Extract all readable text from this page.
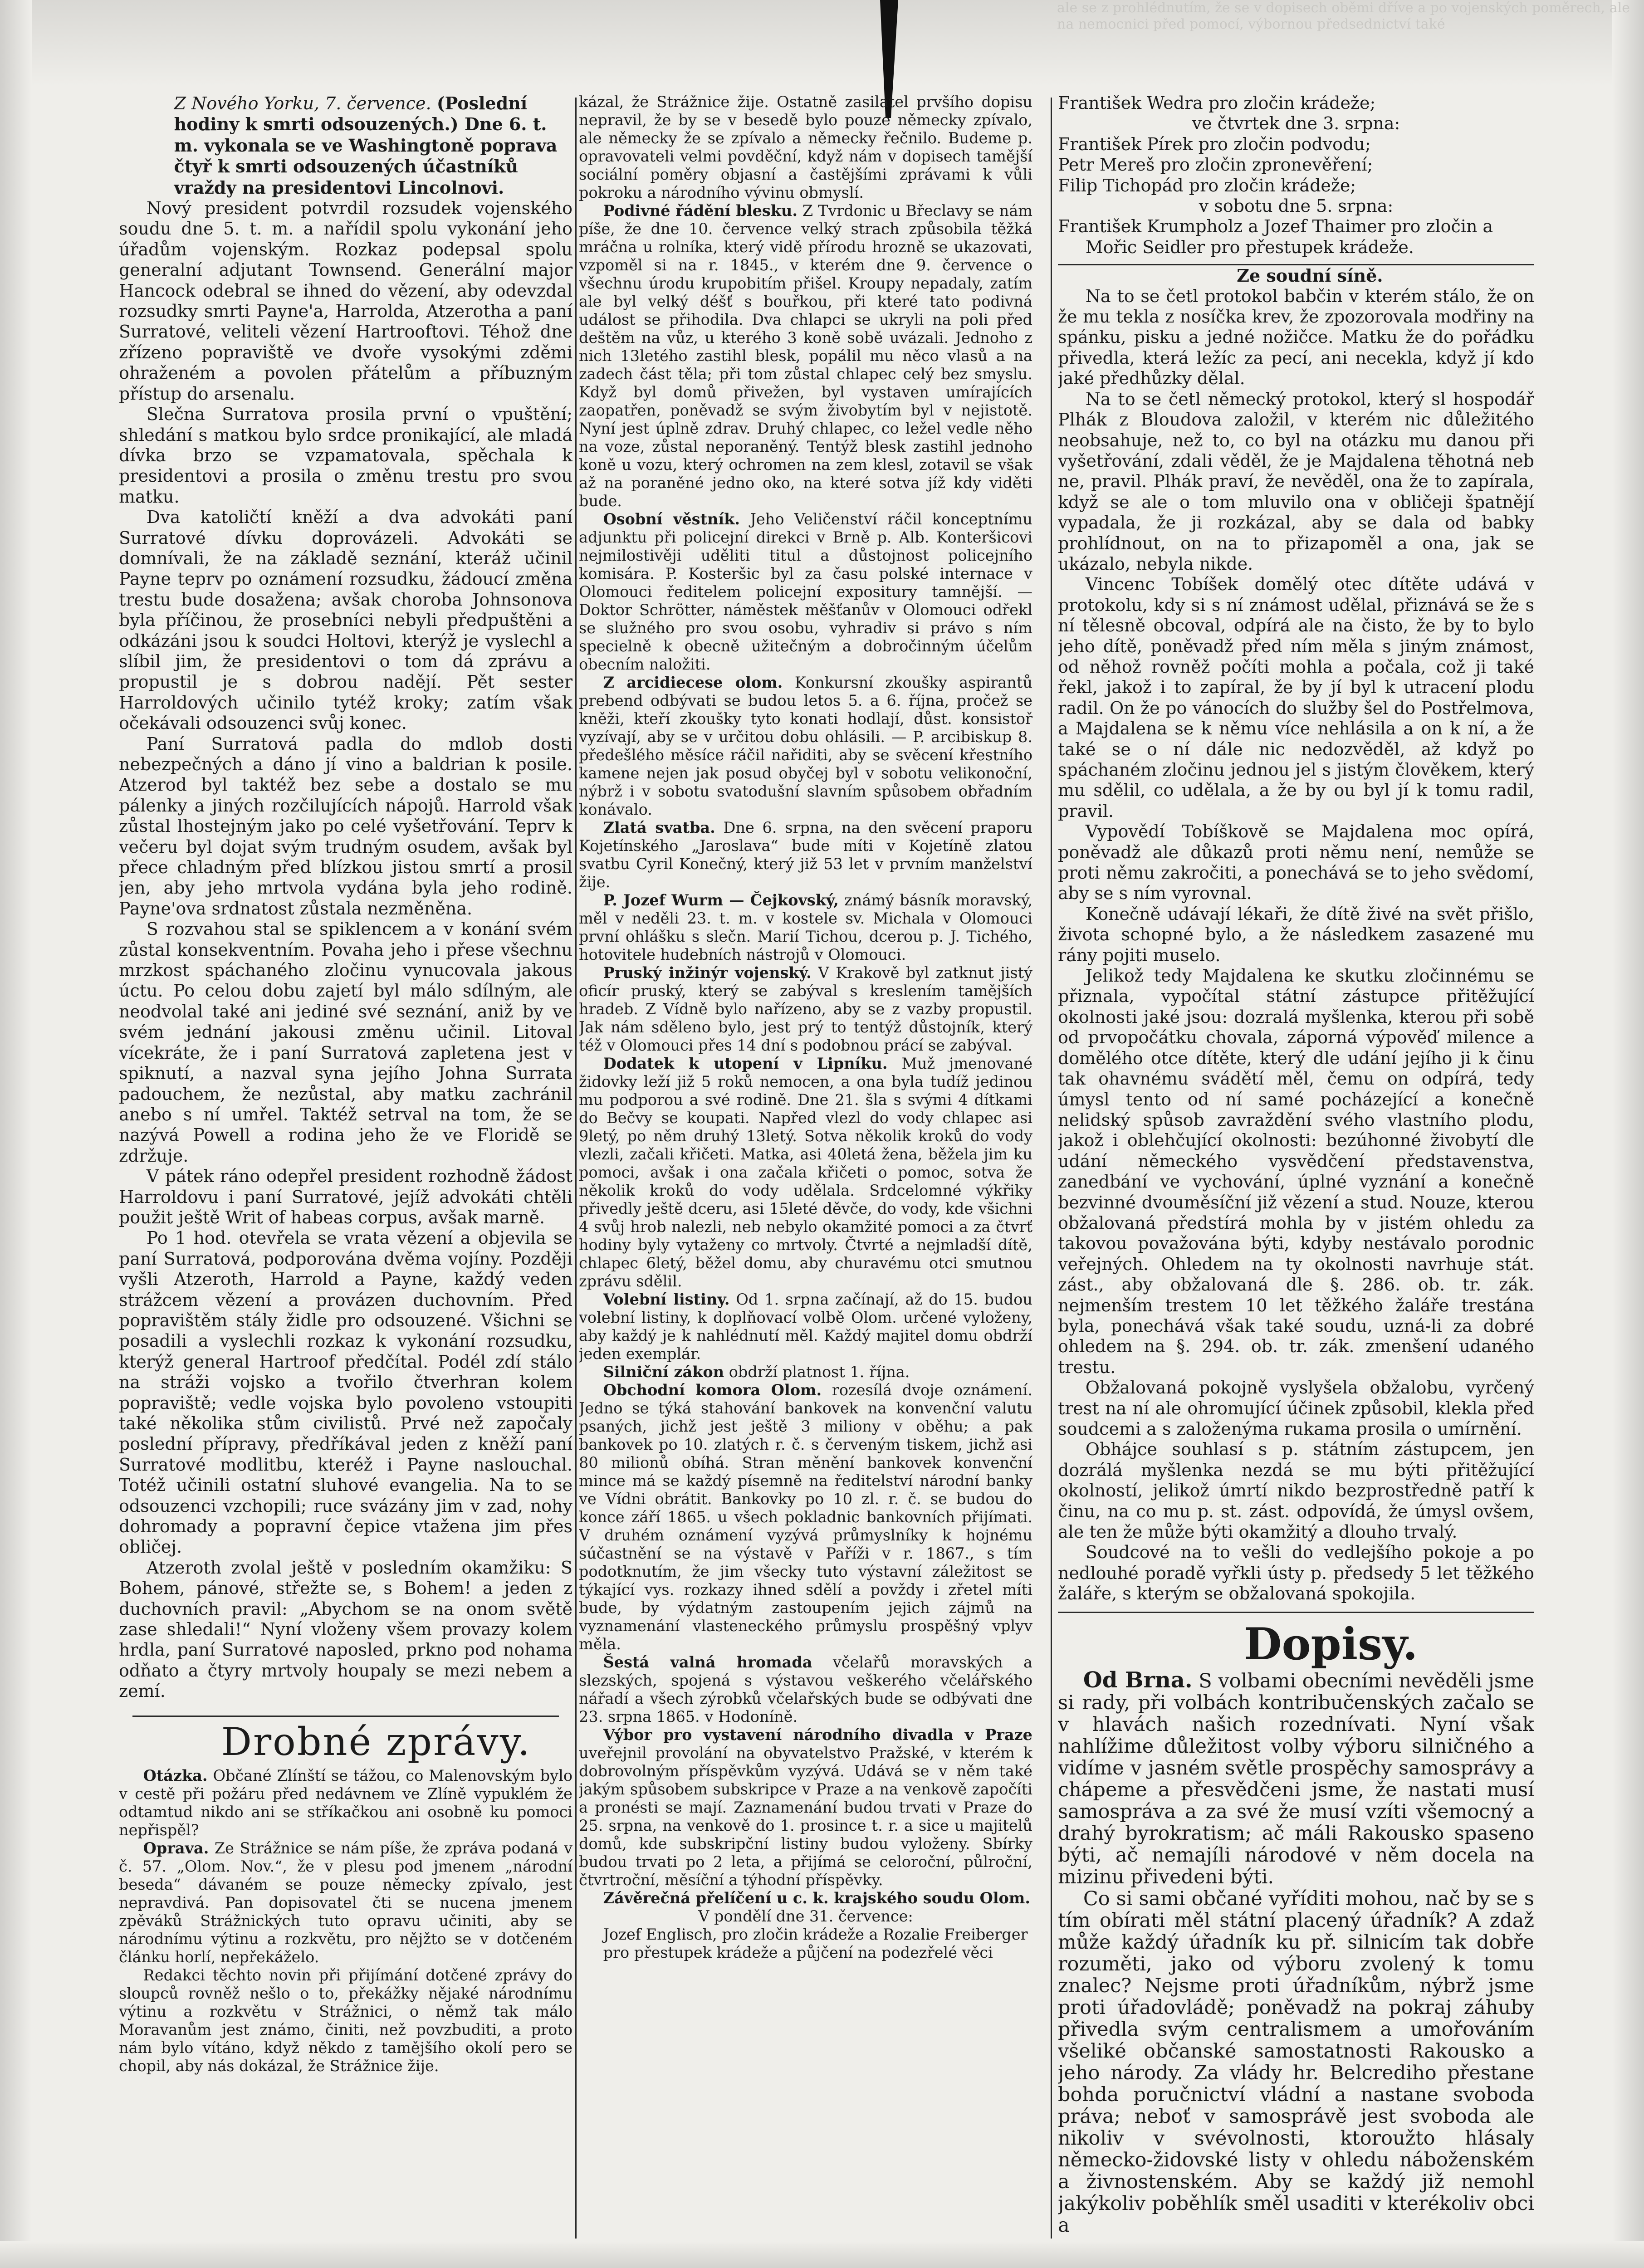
ale se z prohlédnutím, že se v dopisech oběmi dříve a po vojenských poměrech, ale na nemocnici před pomocí, výbornou předsednictví také

Z Nového Yorku, 7. července. (Poslední hodiny k smrti odsouzených.) Dne 6. t. m. vykonala se ve Washingtoně poprava čtyř k smrti odsouzených účastníků vraždy na presidentovi Lincolnovi.

Nový president potvrdil rozsudek vojenského soudu dne 5. t. m. a nařídil spolu vykonání jeho úřadům vojenským. Rozkaz podepsal spolu generalní adjutant Townsend. Generální major Hancock odebral se ihned do vězení, aby odevzdal rozsudky smrti Payne'a, Harrolda, Atzerotha a paní Surratové, veliteli vězení Hartrooftovi. Téhož dne zřízeno popraviště ve dvoře vysokými zděmi ohraženém a povolen přátelům a příbuzným přístup do arsenalu.

Slečna Surratova prosila první o vpuštění; shledání s matkou bylo srdce pronikající, ale mladá dívka brzo se vzpamatovala, spěchala k presidentovi a prosila o změnu trestu pro svou matku.

Dva katoličtí kněží a dva advokáti paní Surratové dívku doprovázeli. Advokáti se domnívali, že na základě seznání, kteráž učinil Payne teprv po oznámení rozsudku, žádoucí změna trestu bude dosažena; avšak choroba Johnsonova byla příčinou, že prosebníci nebyli předpuštěni a odkázáni jsou k soudci Holtovi, kterýž je vyslechl a slíbil jim, že presidentovi o tom dá zprávu a propustil je s dobrou nadějí. Pět sester Harroldových učinilo tytéž kroky; zatím však očekávali odsouzenci svůj konec.

Paní Surratová padla do mdlob dosti nebezpečných a dáno jí vino a baldrian k posile. Atzerod byl taktéž bez sebe a dostalo se mu pálenky a jiných rozčilujících nápojů. Harrold však zůstal lhostejným jako po celé vyšetřování. Teprv k večeru byl dojat svým trudným osudem, avšak byl přece chladným před blízkou jistou smrtí a prosil jen, aby jeho mrtvola vydána byla jeho rodině. Payne'ova srdnatost zůstala nezměněna.

S rozvahou stal se spiklencem a v konání svém zůstal konsekventním. Povaha jeho i přese všechnu mrzkost spáchaného zločinu vynucovala jakous úctu. Po celou dobu zajetí byl málo sdílným, ale neodvolal také ani jediné své seznání, aniž by ve svém jednání jakousi změnu učinil. Litoval vícekráte, že i paní Surratová zapletena jest v spiknutí, a nazval syna jejího Johna Surrata padouchem, že nezůstal, aby matku zachránil anebo s ní umřel. Taktéž setrval na tom, že se nazývá Powell a rodina jeho že ve Floridě se zdržuje.

V pátek ráno odepřel president rozhodně žádost Harroldovu i paní Surratové, jejíž advokáti chtěli použit ještě Writ of habeas corpus, avšak marně.

Po 1 hod. otevřela se vrata vězení a objevila se paní Surratová, podporována dvěma vojíny. Později vyšli Atzeroth, Harrold a Payne, každý veden strážcem vězení a provázen duchovním. Před popravištěm stály židle pro odsouzené. Všichni se posadili a vyslechli rozkaz k vykonání rozsudku, kterýž general Hartroof předčítal. Podél zdí stálo na stráži vojsko a tvořilo čtverhran kolem popraviště; vedle vojska bylo povoleno vstoupiti také několika stům civilistů. Prvé než započaly poslední přípravy, předříkával jeden z kněží paní Surratové modlitbu, kteréž i Payne naslouchal. Totéž učinili ostatní sluhové evangelia. Na to se odsouzenci vzchopili; ruce svázány jim v zad, nohy dohromady a popravní čepice vtažena jim přes obličej.

Atzeroth zvolal ještě v posledním okamžiku: S Bohem, pánové, střežte se, s Bohem! a jeden z duchovních pravil: „Abychom se na onom světě zase shledali!“ Nyní vloženy všem provazy kolem hrdla, paní Surratové naposled, prkno pod nohama odňato a čtyry mrtvoly houpaly se mezi nebem a zemí.

Drobné zprávy.

Otázka. Občané Zlínští se tážou, co Malenovským bylo v cestě při požáru před nedávnem ve Zlíně vypuklém že odtamtud nikdo ani se stříkačkou ani osobně ku pomoci nepřispěl?

Oprava. Ze Strážnice se nám píše, že zpráva podaná v č. 57. „Olom. Nov.“, že v plesu pod jmenem „národní beseda“ dávaném se pouze německy zpívalo, jest nepravdivá. Pan dopisovatel čti se nucena jmenem zpěváků Strážnických tuto opravu učiniti, aby se národnímu výtinu a rozkvětu, pro nějžto se v dotčeném článku horlí, nepřekáželo.

Redakci těchto novin při přijímání dotčené zprávy do sloupců rovněž nešlo o to, překážky nějaké národnímu výtinu a rozkvětu v Strážnici, o němž tak málo Moravanům jest známo, činiti, než povzbuditi, a proto nám bylo vítáno, když někdo z tamějšího okolí pero se chopil, aby nás dokázal, že Strážnice žije.

kázal, že Strážnice žije. Ostatně zasilatel prvšího dopisu nepravil, že by se v besedě bylo pouze německy zpívalo, ale německy že se zpívalo a německy řečnilo. Budeme p. opravovateli velmi povděční, když nám v dopisech tamější sociální poměry objasní a častějšími zprávami k vůli pokroku a národního vývinu obmyslí.

Podivné řádění blesku. Z Tvrdonic u Břeclavy se nám píše, že dne 10. července velký strach způsobila těžká mráčna u rolníka, který vidě přírodu hrozně se ukazovati, vzpoměl si na r. 1845., v kterém dne 9. července o všechnu úrodu krupobitím přišel. Kroupy nepadaly, zatím ale byl velký déšť s bouřkou, při které tato podivná událost se přihodila. Dva chlapci se ukryli na poli před deštěm na vůz, u kterého 3 koně sobě uvázali. Jednoho z nich 13letého zastihl blesk, popálil mu něco vlasů a na zadech část těla; při tom zůstal chlapec celý bez smyslu. Když byl domů přivežen, byl vystaven umírajících zaopatřen, poněvadž se svým živobytím byl v nejistotě. Nyní jest úplně zdrav. Druhý chlapec, co ležel vedle něho na voze, zůstal neporaněný. Tentýž blesk zastihl jednoho koně u vozu, který ochromen na zem klesl, zotavil se však až na poraněné jedno oko, na které sotva jíž kdy viděti bude.

Osobní věstník. Jeho Veličenství ráčil konceptnímu adjunktu při policejní direkci v Brně p. Alb. Konteršicovi nejmilostivěji uděliti titul a důstojnost policejního komisára. P. Kosteršic byl za času polské internace v Olomouci ředitelem policejní expositury tamnější. — Doktor Schrötter, náměstek měšťanův v Olomouci odřekl se služného pro svou osobu, vyhradiv si právo s ním specielně k obecně užitečným a dobročinným účelům obecním naložiti.

Z arcidiecese olom. Konkursní zkoušky aspirantů prebend odbývati se budou letos 5. a 6. října, pročež se kněži, kteří zkoušky tyto konati hodlají, důst. konsistoř vyzívají, aby se v určitou dobu ohlásili. — P. arcibiskup 8. předešlého měsíce ráčil nařiditi, aby se svěcení křestního kamene nejen jak posud obyčej byl v sobotu velikonoční, nýbrž i v sobotu svatodušní slavním spůsobem obřadním konávalo.

Zlatá svatba. Dne 6. srpna, na den svěcení praporu Kojetínského „Jaroslava“ bude míti v Kojetíně zlatou svatbu Cyril Konečný, který již 53 let v prvním manželství žije.

P. Jozef Wurm — Čejkovský, známý básník moravský, měl v neděli 23. t. m. v kostele sv. Michala v Olomouci první ohlášku s slečn. Marií Tichou, dcerou p. J. Tichého, hotovitele hudebních nástrojů v Olomouci.

Pruský inžinýr vojenský. V Krakově byl zatknut jistý oficír pruský, který se zabýval s kreslením tamějších hradeb. Z Vídně bylo nařízeno, aby se z vazby propustil. Jak nám sděleno bylo, jest prý to tentýž důstojník, který též v Olomouci přes 14 dní s podobnou prácí se zabýval.

Dodatek k utopení v Lipníku. Muž jmenované židovky leží již 5 roků nemocen, a ona byla tudíž jedinou mu podporou a své rodině. Dne 21. šla s svými 4 dítkami do Bečvy se koupati. Napřed vlezl do vody chlapec asi 9letý, po něm druhý 13letý. Sotva několik kroků do vody vlezli, začali křičeti. Matka, asi 40letá žena, běžela jim ku pomoci, avšak i ona začala křičeti o pomoc, sotva že několik kroků do vody udělala. Srdcelomné výkřiky přivedly ještě dceru, asi 15leté děvče, do vody, kde všichni 4 svůj hrob nalezli, neb nebylo okamžité pomoci a za čtvrť hodiny byly vytaženy co mrtvoly. Čtvrté a nejmladší dítě, chlapec 6letý, běžel domu, aby churavému otci smutnou zprávu sdělil.

Volební listiny. Od 1. srpna začínají, až do 15. budou volební listiny, k doplňovací volbě Olom. určené vyloženy, aby každý je k nahlédnutí měl. Každý majitel domu obdrží jeden exemplár.

Silniční zákon obdrží platnost 1. října.

Obchodní komora Olom. rozesílá dvoje oznámení. Jedno se týká stahování bankovek na konvenční valutu psaných, jichž jest ještě 3 miliony v oběhu; a pak bankovek po 10. zlatých r. č. s červeným tiskem, jichž asi 80 milionů obíhá. Stran měnění bankovek konvenční mince má se každý písemně na ředitelství národní banky ve Vídni obrátit. Bankovky po 10 zl. r. č. se budou do konce září 1865. u všech pokladnic bankovních přijímati. V druhém oznámení vyzývá průmyslníky k hojnému súčastnění se na výstavě v Paříži v r. 1867., s tím podotknutím, že jim všecky tuto výstavní záležitost se týkající vys. rozkazy ihned sdělí a povždy i zřetel míti bude, by výdatným zastoupením jejich zájmů na vyznamenání vlasteneckého průmyslu prospěšný vplyv měla.

Šestá valná hromada včelařů moravských a slezských, spojená s výstavou veškerého včelářského nářadí a všech zýrobků včelařských bude se odbývati dne 23. srpna 1865. v Hodoníně.

Výbor pro vystavení národního divadla v Praze uveřejnil provolání na obyvatelstvo Pražské, v kterém k dobrovolným příspěvkům vyzývá. Udává se v něm také jakým spůsobem subskripce v Praze a na venkově započíti a pronésti se mají. Zaznamenání budou trvati v Praze do 25. srpna, na venkově do 1. prosince t. r. a sice u majitelů domů, kde subskripční listiny budou vyloženy. Sbírky budou trvati po 2 leta, a přijímá se celoroční, půlroční, čtvrtroční, měsíční a týhodní příspěvky.

Závěrečná přelíčení u c. k. krajského soudu Olom.

V pondělí dne 31. července:

Jozef Englisch, pro zločin krádeže a Rozalie Freiberger pro přestupek krádeže a půjčení na podezřelé věci

František Wedra pro zločin krádeže;

ve čtvrtek dne 3. srpna:

František Pírek pro zločin podvodu;

Petr Mereš pro zločin zpronevěření;

Filip Tichopád pro zločin krádeže;

v sobotu dne 5. srpna:

František Krumpholz a Jozef Thaimer pro zločin a Mořic Seidler pro přestupek krádeže.

Ze soudní síně.

Na to se četl protokol babčin v kterém stálo, že on že mu tekla z nosíčka krev, že zpozorovala modřiny na spánku, pisku a jedné nožičce. Matku že do pořádku přivedla, která ležíc za pecí, ani necekla, když jí kdo jaké předhůzky dělal.

Na to se četl německý protokol, který sl hospodář Plhák z Bloudova založil, v kterém nic důležitého neobsahuje, než to, co byl na otázku mu danou při vyšetřování, zdali věděl, že je Majdalena těhotná neb ne, pravil. Plhák praví, že nevěděl, ona že to zapírala, když se ale o tom mluvilo ona v obličeji špatnějí vypadala, že ji rozkázal, aby se dala od babky prohlídnout, on na to přizapoměl a ona, jak se ukázalo, nebyla nikde.

Vincenc Tobíšek domělý otec dítěte udává v protokolu, kdy si s ní známost udělal, přiznává se že s ní tělesně obcoval, odpírá ale na čisto, že by to bylo jeho dítě, poněvadž před ním měla s jiným známost, od něhož rovněž počíti mohla a počala, což ji také řekl, jakož i to zapíral, že by jí byl k utracení plodu radil. On že po vánocích do služby šel do Postřelmova, a Majdalena se k němu více nehlásila a on k ní, a že také se o ní dále nic nedozvěděl, až když po spáchaném zločinu jednou jel s jistým člověkem, který mu sdělil, co udělala, a že by ou byl jí k tomu radil, pravil.

Vypovědí Tobíškově se Majdalena moc opírá, poněvadž ale důkazů proti němu není, nemůže se proti němu zakročiti, a ponechává se to jeho svědomí, aby se s ním vyrovnal.

Konečně udávají lékaři, že dítě živé na svět přišlo, života schopné bylo, a že následkem zasazené mu rány pojiti muselo.

Jelikož tedy Majdalena ke skutku zločinnému se přiznala, vypočítal státní zástupce přitěžující okolnosti jaké jsou: dozralá myšlenka, kterou při sobě od prvopočátku chovala, záporná výpověď milence a domělého otce dítěte, který dle udání jejího ji k činu tak ohavnému svádětí měl, čemu on odpírá, tedy úmysl tento od ní samé pocházející a konečně nelidský spůsob zavraždění svého vlastního plodu, jakož i oblehčující okolnosti: bezúhonné živobytí dle udání německého vysvědčení představenstva, zanedbání ve vychování, úplné vyznání a konečně bezvinné dvouměsíční již vězení a stud. Nouze, kterou obžalovaná předstírá mohla by v jistém ohledu za takovou považována býti, kdyby nestávalo porodnic veřejných. Ohledem na ty okolnosti navrhuje stát. zást., aby obžalovaná dle §. 286. ob. tr. zák. nejmenším trestem 10 let těžkého žaláře trestána byla, ponechává však také soudu, uzná-li za dobré ohledem na §. 294. ob. tr. zák. zmenšení udaného trestu.

Obžalovaná pokojně vyslyšela obžalobu, vyrčený trest na ní ale ohromující účinek způsobil, klekla před soudcemi a s založenýma rukama prosila o umírnění.

Obhájce souhlasí s p. státním zástupcem, jen dozrálá myšlenka nezdá se mu býti přitěžující okolností, jelikož úmrtí nikdo bezprostředně patří k činu, na co mu p. st. zást. odpovídá, že úmysl ovšem, ale ten že může býti okamžitý a dlouho trvalý.

Soudcové na to vešli do vedlejšího pokoje a po nedlouhé poradě vyřkli ústy p. předsedy 5 let těžkého žaláře, s kterým se obžalovaná spokojila.

Dopisy.

Od Brna. S volbami obecními nevěděli jsme si rady, při volbách kontribučenských začalo se v hlavách našich rozednívati. Nyní však nahlížime důležitost volby výboru silničného a vidíme v jasném světle prospěchy samosprávy a chápeme a přesvědčeni jsme, že nastati musí samospráva a za své že musí vzíti všemocný a drahý byrokratism; ač máli Rakousko spaseno býti, ač nemajíli národové v něm docela na mizinu přivedeni býti.

Co si sami občané vyříditi mohou, nač by se s tím obírati měl státní placený úřadník? A zdaž může každý úřadník ku př. silnicím tak dobře rozuměti, jako od výboru zvolený k tomu znalec? Nejsme proti úřadníkům, nýbrž jsme proti úřadovládě; poněvadž na pokraj záhuby přivedla svým centralismem a umořováním všeliké občanské samostatnosti Rakousko a jeho národy. Za vlády hr. Belcrediho přestane bohda poručnictví vládní a nastane svoboda práva; neboť v samosprávě jest svoboda ale nikoliv v svévolnosti, ktoroužto hlásaly německo-židovské listy v ohledu náboženském a živnostenském. Aby se každý již nemohl jakýkoliv poběhlík směl usaditi v kterékoliv obci a
